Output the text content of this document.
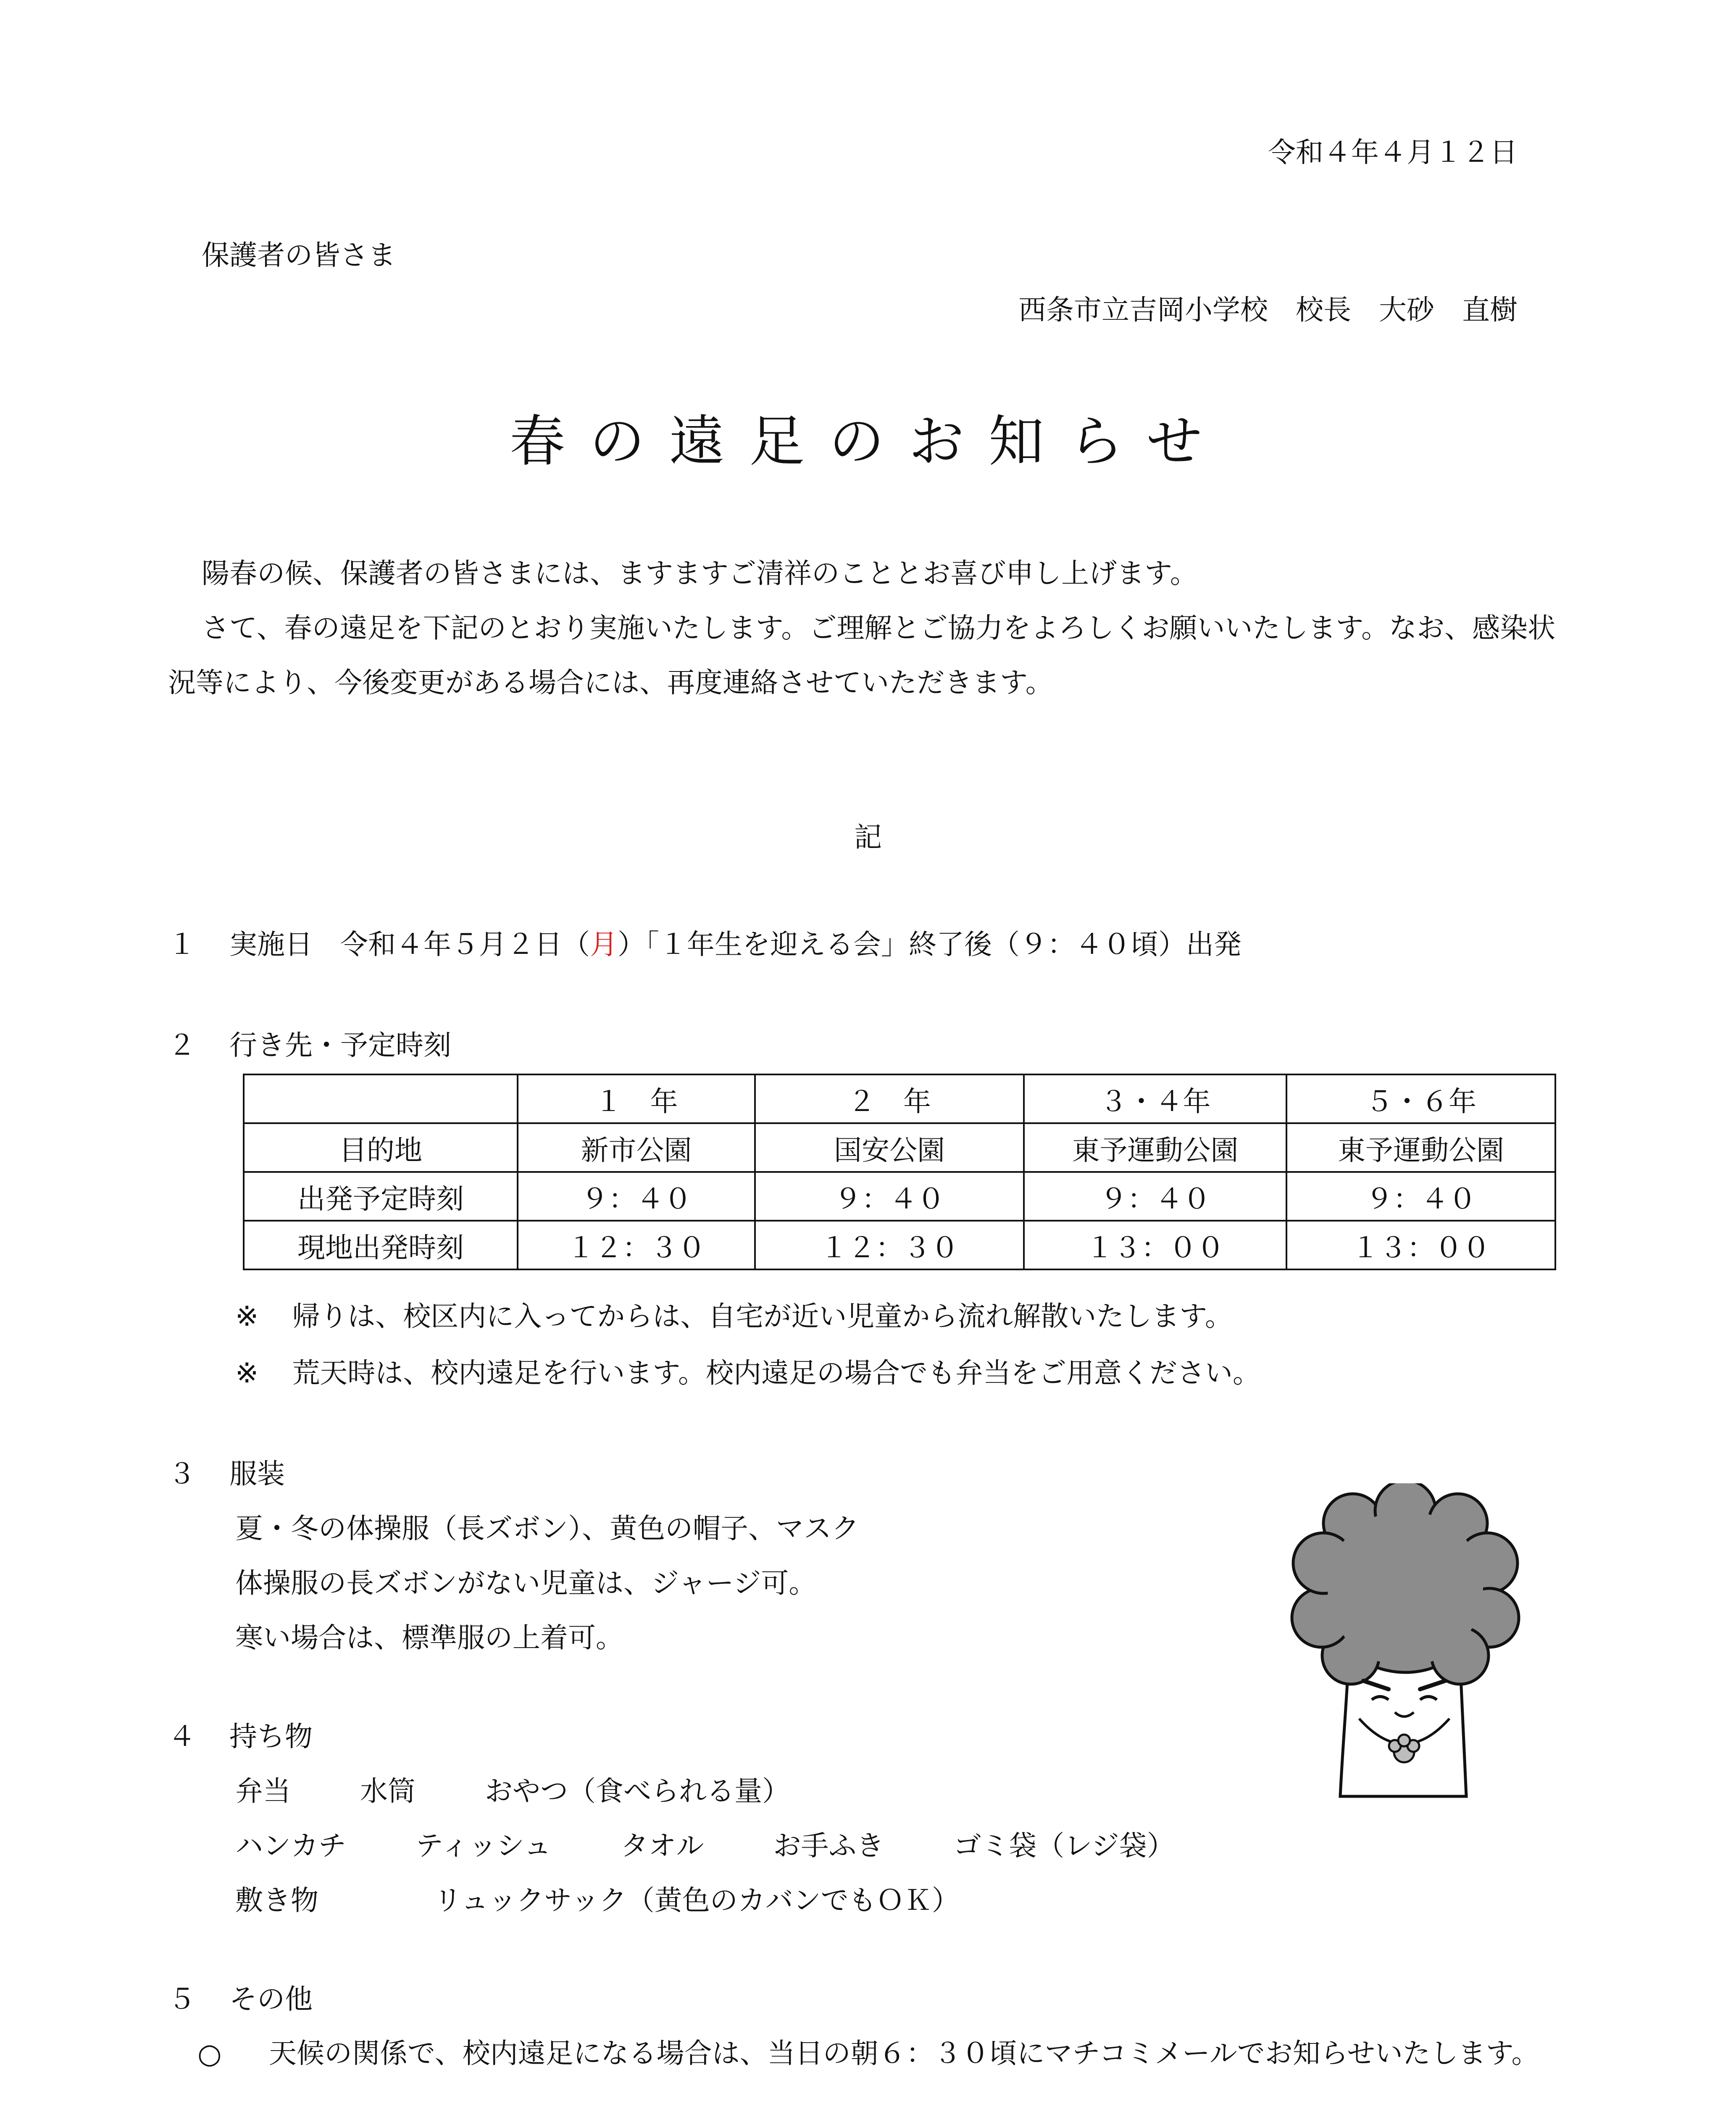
令和４年４月１２日
保護者の皆さま
西条市立吉岡小学校　校長　大砂　直樹
春の遠足のお知らせ
陽春の候、保護者の皆さまには、ますますご清祥のこととお喜び申し上げます。
さて、春の遠足を下記のとおり実施いたします。ご理解とご協力をよろしくお願いいたします。なお、感染状況等により、今後変更がある場合には、再度連絡させていただきます。
記
１ 実施日 令和４年５月２日（月）「１年生を迎える会」終了後（９：４０頃）出発
２ 行き先・予定時刻
	１　年	２　年	３・４年	５・６年
目的地	新市公園	国安公園	東予運動公園	東予運動公園
出発予定時刻	９：４０	９：４０	９：４０	９：４０
現地出発時刻	１２：３０	１２：３０	１３：００	１３：００
※ 帰りは、校区内に入ってからは、自宅が近い児童から流れ解散いたします。
※ 荒天時は、校内遠足を行います。校内遠足の場合でも弁当をご用意ください。
３ 服装
夏・冬の体操服（長ズボン）、黄色の帽子、マスク
体操服の長ズボンがない児童は、ジャージ可。
寒い場合は、標準服の上着可。
４ 持ち物
弁当	水筒	おやつ（食べられる量）
ハンカチ	ティッシュ	タオル	お手ふき	ゴミ袋（レジ袋）
敷き物	リュックサック（黄色のカバンでもＯＫ）
５ その他
○	天候の関係で、校内遠足になる場合は、当日の朝６：３０頃にマチコミメールでお知らせいたします。
